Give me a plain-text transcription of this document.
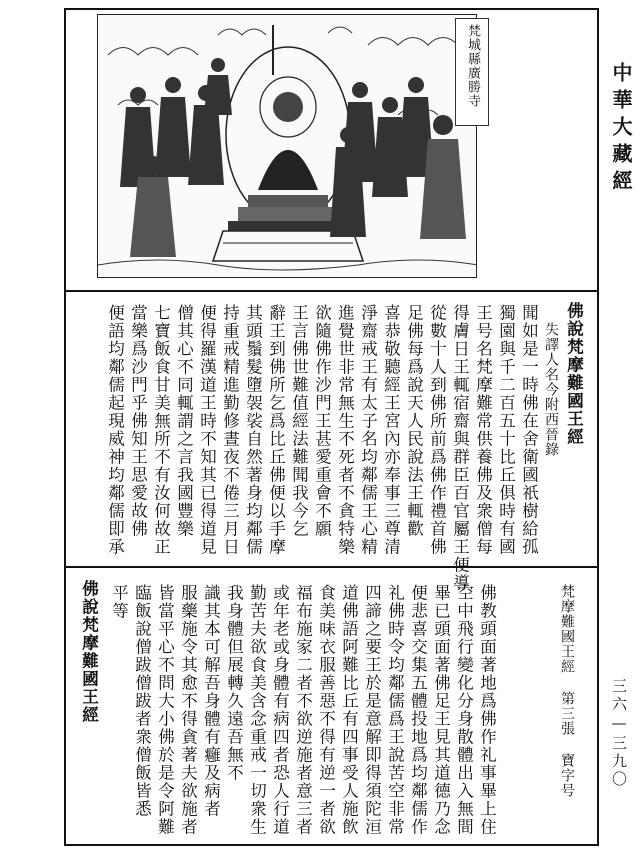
中華大藏經
三六—三九〇
梵城縣廣勝寺
佛說梵摩難國王經
失譯人名今附西晉錄
聞如是一時佛在舍衛國祇樹給孤
獨園與千二百五十比丘俱時有國
王号名梵摩難常供養佛及衆僧每
得膚日王輒宿齋與群臣百官屬王便導
從數十人到佛所前爲佛作禮首佛
足佛每爲說天人民說法王輒歡
喜恭敬聽經王宮內亦奉事三尊清
淨齋戒王有太子名均鄰儒王心精
進覺世非常無生不死者不貪特樂
欲隨佛作沙門王甚愛重會不願
王言佛世難值經法難聞我今乞
辭王到佛所乞爲比丘佛便以手摩
其頭鬚髮墮袈裟自然著身均鄰儒
持重戒精進勤修晝夜不倦三月日
便得羅漢道王時不知其已得道見
僧其心不同輒謂之言我國豐樂
七寶飯食甘美無所不有汝何故正
當樂爲沙門乎佛知王思愛故佛
便語均鄰儒起現威神均鄰儒即承
佛說梵摩難國王經 平等 臨飯說僧跋僧跋者衆僧飯皆悉 皆當平心不問大小佛於是令阿難 服藥施令其愈不得貪著夫欲施者 識其本可解吾身體有癰及病者 我身體但展轉久遠吾無不 勤苦夫欲食美含念重戒一切衆生 或年老或身體有病四者恐人行道 福布施家二者不欲逆施者意三者 食美味衣服善惡不得有逆一者欲 道佛語阿難比丘有四事受人施飲 四諦之要王於是意解即得須陀洹 礼佛時令均鄰儒爲王說苦空非常 便悲喜交集五體投地爲均鄰儒作 畢已頭面著佛足王見其道德乃念 空中飛行變化分身散體出入無間 佛教頭面著地爲佛作礼事畢上住	梵摩難國王經 第三張 寶字号
